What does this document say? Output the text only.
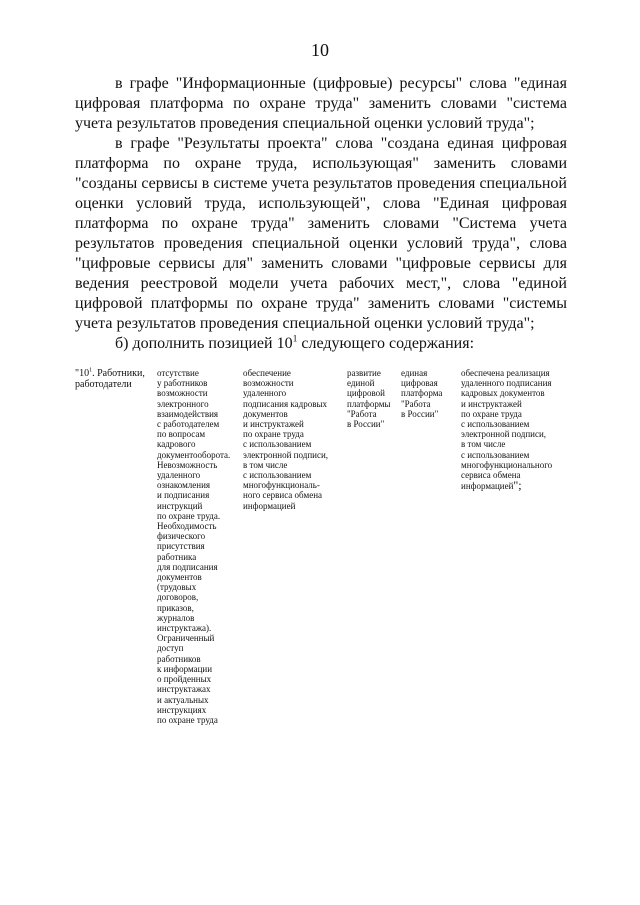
10

в графе "Информационные (цифровые) ресурсы" слова "единая цифровая платформа по охране труда" заменить словами "система учета результатов проведения специальной оценки условий труда";

в графе "Результаты проекта" слова "создана единая цифровая платформа по охране труда, использующая" заменить словами "созданы сервисы в системе учета результатов проведения специальной оценки условий труда, использующей", слова "Единая цифровая платформа по охране труда" заменить словами "Система учета результатов проведения специальной оценки условий труда", слова "цифровые сервисы для" заменить словами "цифровые сервисы для ведения реестровой модели учета рабочих мест,", слова "единой цифровой платформы по охране труда" заменить словами "системы учета результатов проведения специальной оценки условий труда";

б) дополнить позицией $10^1$ следующего содержания:

"$10^1$. Работники, работодатели
отсутствие
у работников
возможности
электронного
взаимодействия
с работодателем
по вопросам
кадрового
документооборота.
Невозможность
удаленного
ознакомления
и подписания
инструкций
по охране труда.
Необходимость
физического
присутствия
работника
для подписания
документов
(трудовых
договоров,
приказов,
журналов
инструктажа).
Ограниченный
доступ
работников
к информации
о пройденных
инструктажах
и актуальных
инструкциях
по охране труда
обеспечение
возможности
удаленного
подписания кадровых
документов
и инструктажей
по охране труда
с использованием
электронной подписи,
в том числе
с использованием
многофункциональ-
ного сервиса обмена
информацией
развитие
единой
цифровой
платформы
"Работа
в России"
единая
цифровая
платформа
"Работа
в России"
обеспечена реализация
удаленного подписания
кадровых документов
и инструктажей
по охране труда
с использованием
электронной подписи,
в том числе
с использованием
многофункционального
сервиса обмена
информацией";
